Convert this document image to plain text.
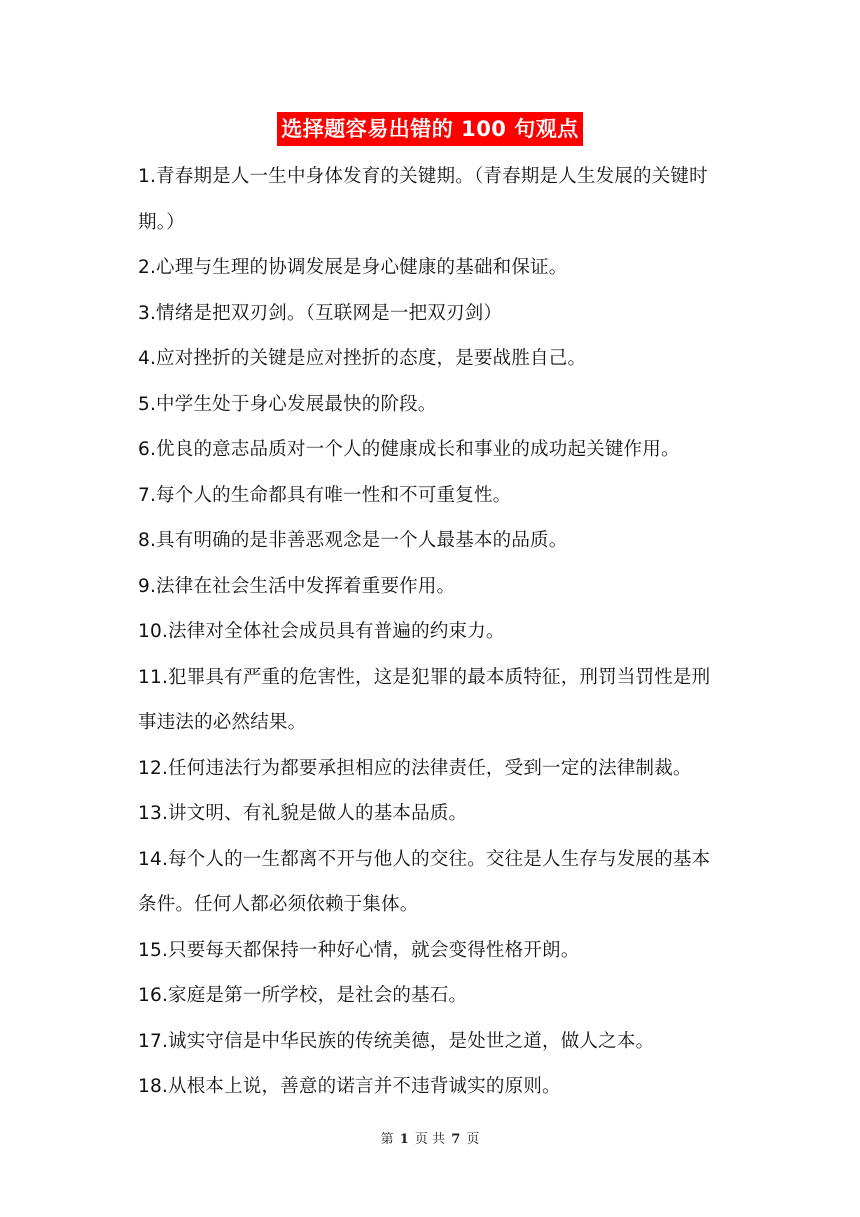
选择题容易出错的 100 句观点

1.青春期是人一生中身体发育的关键期。（青春期是人生发展的关键时期。）

2.心理与生理的协调发展是身心健康的基础和保证。

3.情绪是把双刃剑。（互联网是一把双刃剑）

4.应对挫折的关键是应对挫折的态度，是要战胜自己。

5.中学生处于身心发展最快的阶段。

6.优良的意志品质对一个人的健康成长和事业的成功起关键作用。

7.每个人的生命都具有唯一性和不可重复性。

8.具有明确的是非善恶观念是一个人最基本的品质。

9.法律在社会生活中发挥着重要作用。

10.法律对全体社会成员具有普遍的约束力。

11.犯罪具有严重的危害性，这是犯罪的最本质特征，刑罚当罚性是刑事违法的必然结果。

12.任何违法行为都要承担相应的法律责任，受到一定的法律制裁。

13.讲文明、有礼貌是做人的基本品质。

14.每个人的一生都离不开与他人的交往。交往是人生存与发展的基本条件。任何人都必须依赖于集体。

15.只要每天都保持一种好心情，就会变得性格开朗。

16.家庭是第一所学校，是社会的基石。

17.诚实守信是中华民族的传统美德，是处世之道，做人之本。

18.从根本上说，善意的诺言并不违背诚实的原则。

第 1 页 共 7 页
